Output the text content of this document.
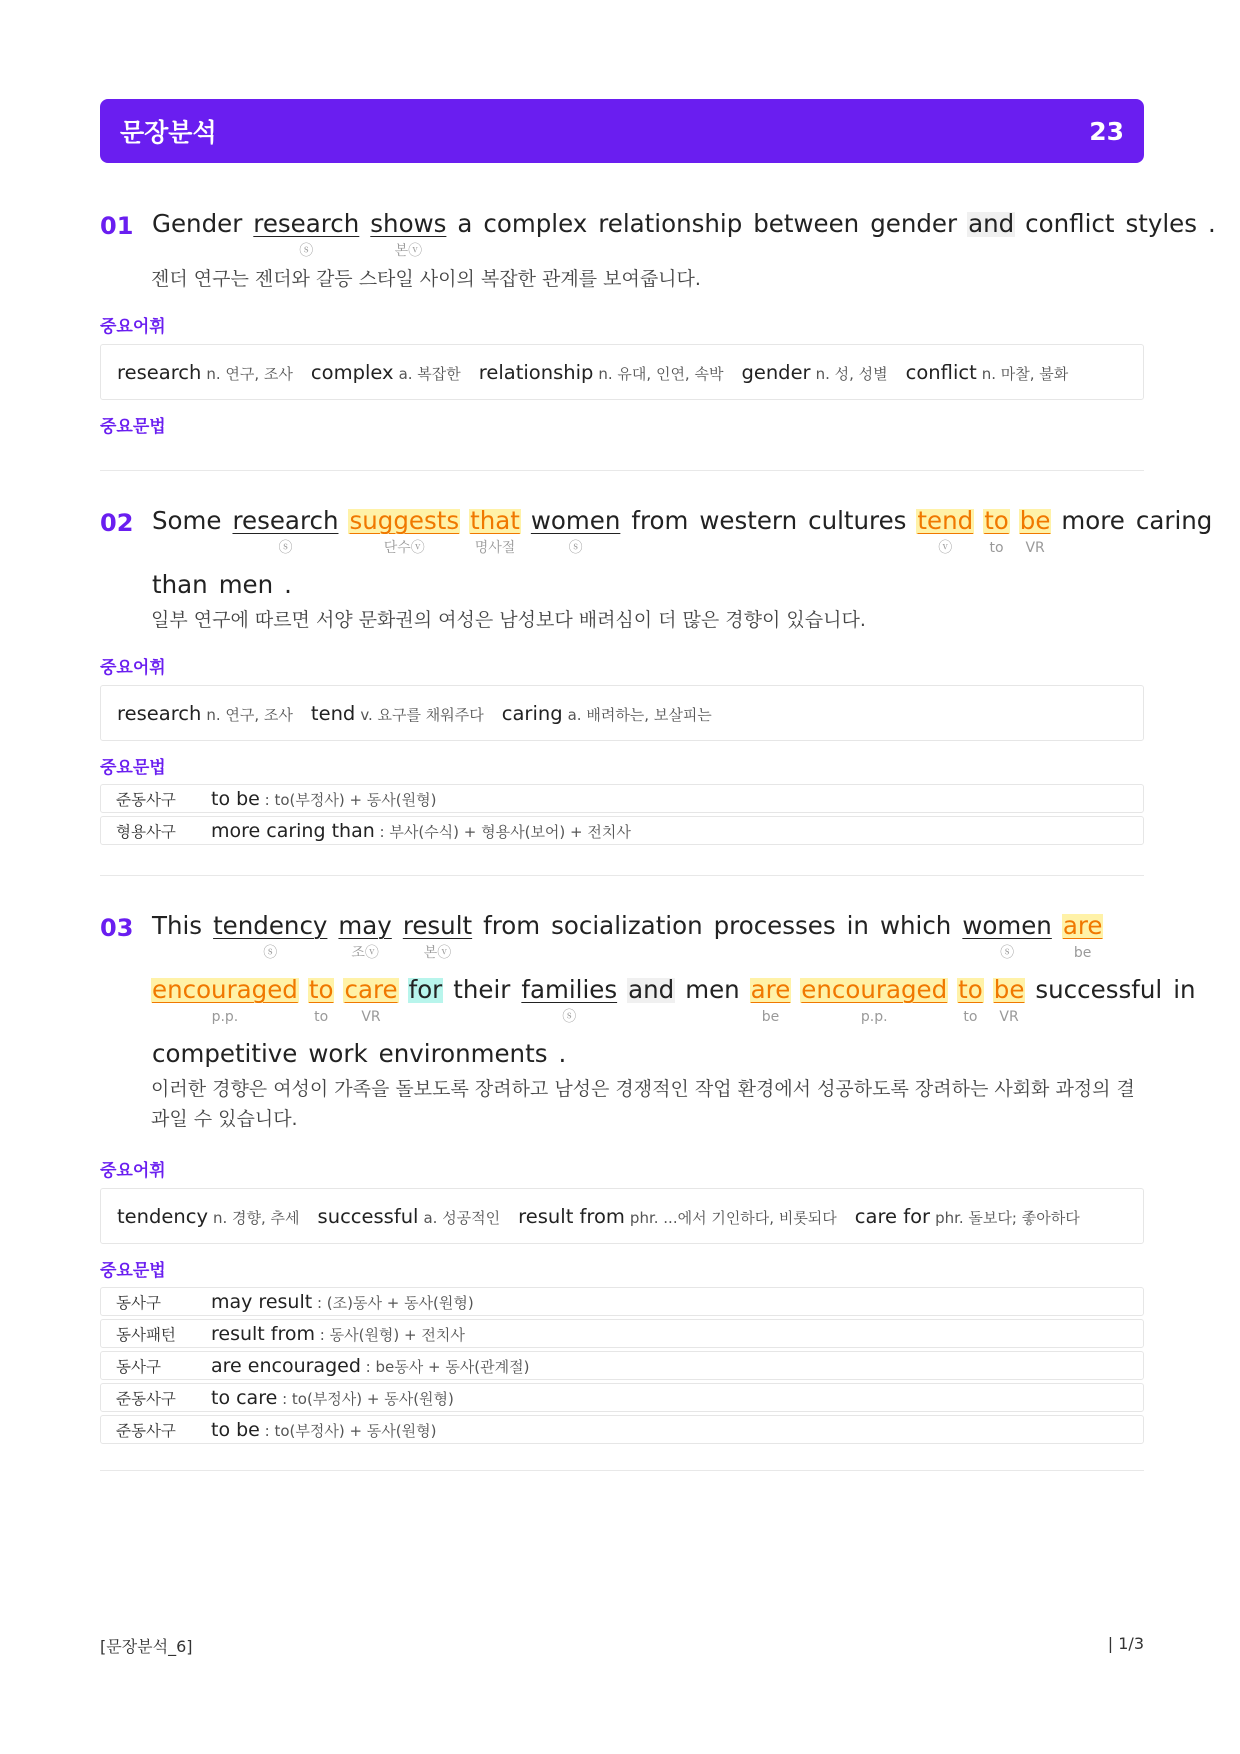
문장분석	23
01 Gender research
ⓢ
shows
본ⓥ
a complex relationship between gender and conflict styles .
젠더 연구는 젠더와 갈등 스타일 사이의 복잡한 관계를 보여줍니다.
중요어휘
research n. 연구, 조사 complex a. 복잡한 relationship n. 유대, 인연, 속박 gender n. 성, 성별 conflict n. 마찰, 불화
중요문법
02 Some research
ⓢ
suggests
단수ⓥ
that
명사절
women
ⓢ
from western cultures tend
ⓥ
to
to
be
VR
more caring
than men .
일부 연구에 따르면 서양 문화권의 여성은 남성보다 배려심이 더 많은 경향이 있습니다.
중요어휘
research n. 연구, 조사 tend v. 요구를 채워주다 caring a. 배려하는, 보살피는
중요문법
준동사구 to be : to(부정사) + 동사(원형)
형용사구 more caring than : 부사(수식) + 형용사(보어) + 전치사
03 This tendency
ⓢ
may
조ⓥ
result
본ⓥ
from socialization processes in which women
ⓢ
are
be
encouraged
p.p.
to
to
care
VR
for their families
ⓢ
and men are
be
encouraged
p.p.
to
to
be
VR
successful in
competitive work environments .
이러한 경향은 여성이 가족을 돌보도록 장려하고 남성은 경쟁적인 작업 환경에서 성공하도록 장려하는 사회화 과정의 결과일 수 있습니다.
중요어휘
tendency n. 경향, 추세 successful a. 성공적인 result from phr. ...에서 기인하다, 비롯되다 care for phr. 돌보다; 좋아하다
중요문법
동사구	may result : (조)동사 + 동사(원형)
동사패턴 result from : 동사(원형) + 전치사
동사구	are encouraged : be동사 + 동사(관계절)
준동사구 to care : to(부정사) + 동사(원형)
준동사구 to be : to(부정사) + 동사(원형)
[문장분석_6]	| 1/3
